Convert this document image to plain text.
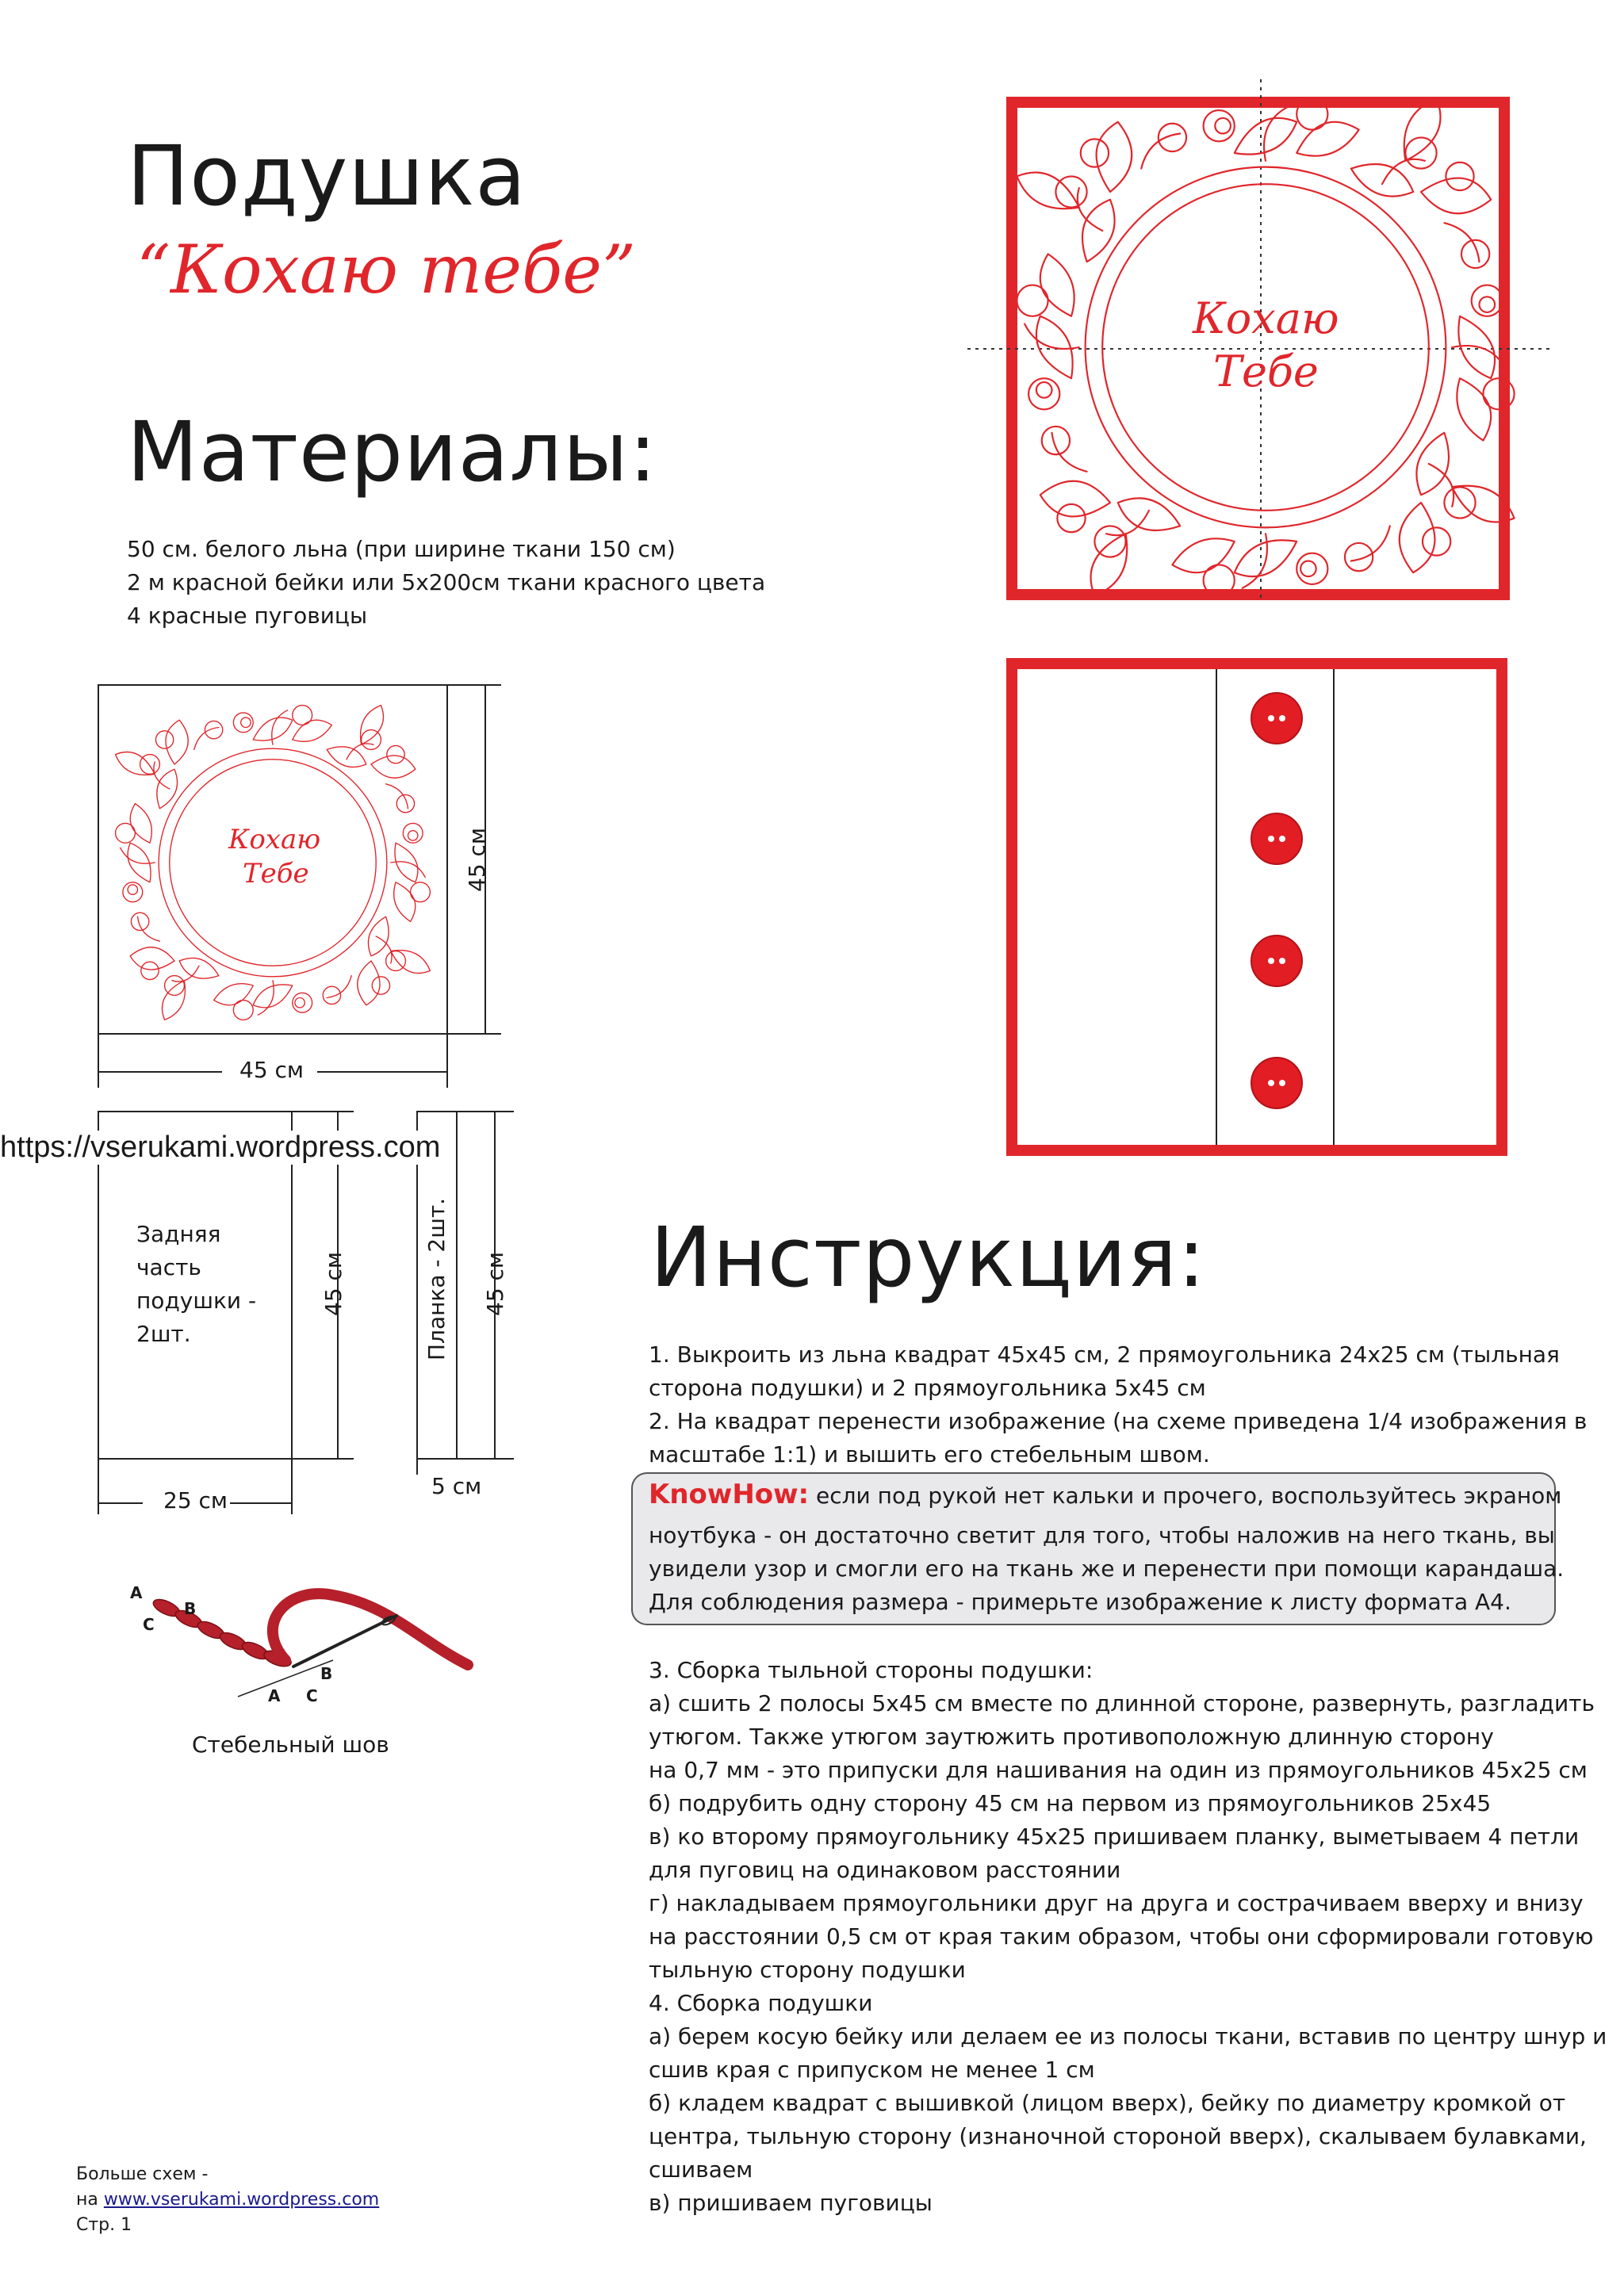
Подушка
“Кохаю тебе”
Материалы:
50 см. белого льна (при ширине ткани 150 см)
2 м красной бейки или 5х200см ткани красного цвета
4 красные пуговицы
Кохаю
Тебе
Кохаю
Тебе	45 см
45 см
https://vserukami.wordpress.com
Задняя
часть
подушки -
2шт.
45 см
25 см
Планка - 2шт. 45 см
5 см
A
C
B
B
A C
Стебельный шов
Инструкция:
1. Выкроить из льна квадрат 45х45 см, 2 прямоугольника 24х25 см (тыльная
сторона подушки) и 2 прямоугольника 5х45 см
2. На квадрат перенести изображение (на схеме приведена 1/4 изображения в
масштабе 1:1) и вышить его стебельным швом.
KnowHow: если под рукой нет кальки и прочего, воспользуйтесь экраном
ноутбука - он достаточно светит для того, чтобы наложив на него ткань, вы
увидели узор и смогли его на ткань же и перенести при помощи карандаша.
Для соблюдения размера - примерьте изображение к листу формата А4.
3. Сборка тыльной стороны подушки:
а) сшить 2 полосы 5х45 см вместе по длинной стороне, развернуть, разгладить
утюгом. Также утюгом заутюжить противоположную длинную сторону
на 0,7 мм - это припуски для нашивания на один из прямоугольников 45х25 см
б) подрубить одну сторону 45 см на первом из прямоугольников 25х45
в) ко второму прямоугольнику 45х25 пришиваем планку, выметываем 4 петли
для пуговиц на одинаковом расстоянии
г) накладываем прямоугольники друг на друга и сострачиваем вверху и внизу
на расстоянии 0,5 см от края таким образом, чтобы они сформировали готовую
тыльную сторону подушки
4. Сборка подушки
а) берем косую бейку или делаем ее из полосы ткани, вставив по центру шнур и
сшив края с припуском не менее 1 см
б) кладем квадрат с вышивкой (лицом вверх), бейку по диаметру кромкой от
центра, тыльную сторону (изнаночной стороной вверх), скалываем булавками,
сшиваем
в) пришиваем пуговицы
Больше схем -
на www.vserukami.wordpress.com
Стр. 1
